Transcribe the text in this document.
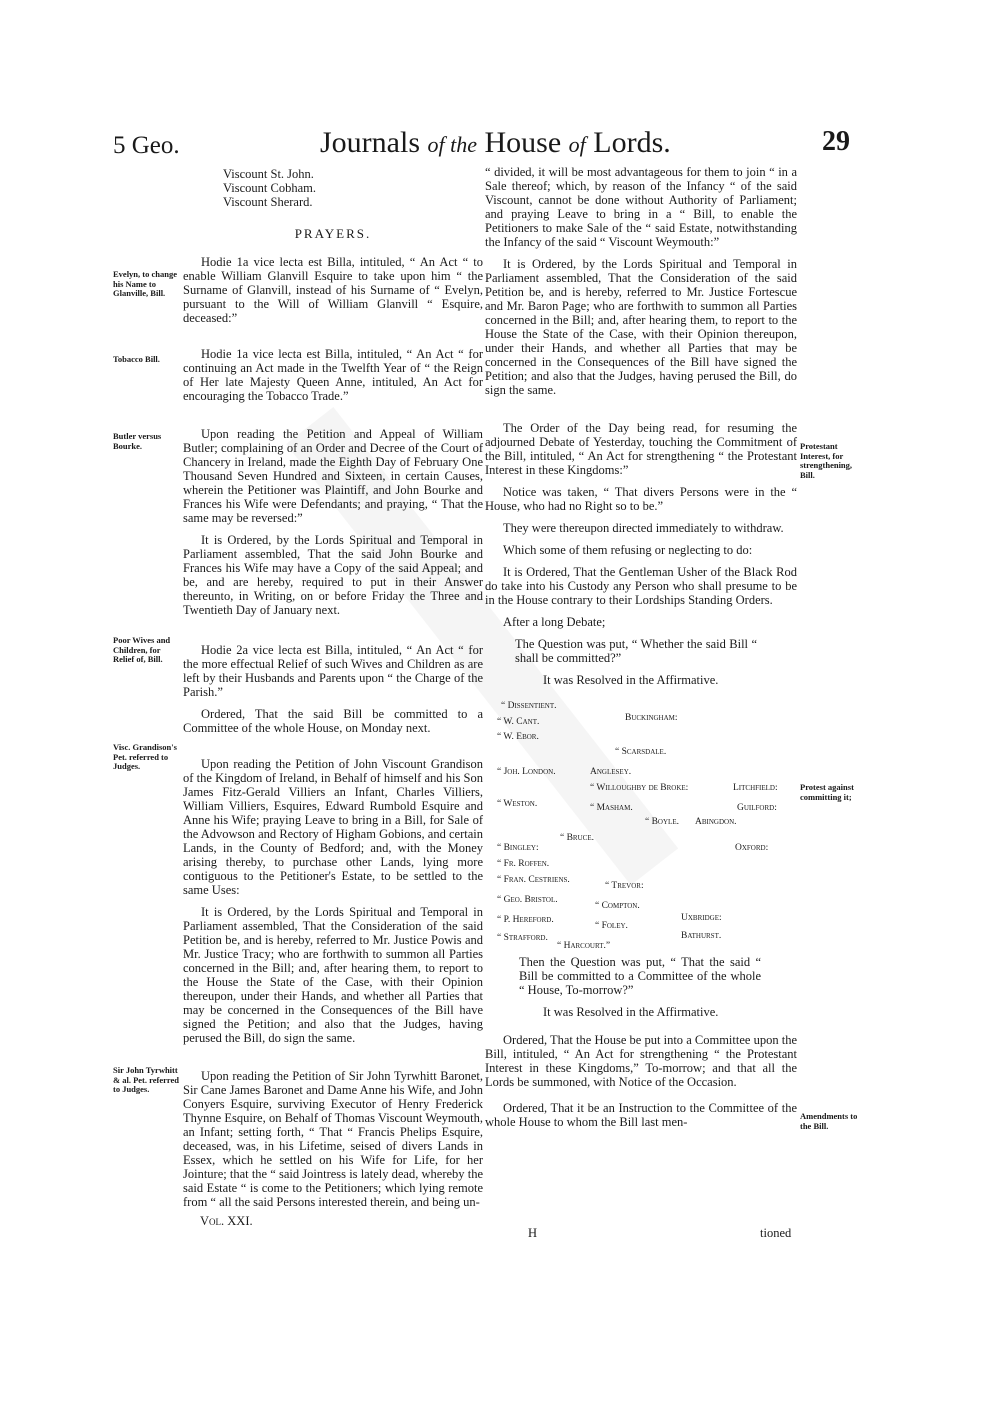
5 Geo.	Journals of the House of Lords.	29
Evelyn, to change his Name to Glanville, Bill.
Tobacco Bill.
Butler versus Bourke.
Poor Wives and Children, for Relief of, Bill.
Visc. Grandison's Pet. referred to Judges.
Sir John Tyrwhitt & al. Pet. referred to Judges.
Protestant Interest, for strengthening, Bill.
Protest against committing it;
Amendments to the Bill.
Viscount St. John.
Viscount Cobham.
Viscount Sherard.
PRAYERS.

Hodie 1a vice lecta est Billa, intituled, “ An Act “ to enable William Glanvill Esquire to take upon him “ the Surname of Glanvill, instead of his Surname of “ Evelyn, pursuant to the Will of William Glanvill “ Esquire, deceased:”

Hodie 1a vice lecta est Billa, intituled, “ An Act “ for continuing an Act made in the Twelfth Year of “ the Reign of Her late Majesty Queen Anne, intituled, An Act for encouraging the Tobacco Trade.”

Upon reading the Petition and Appeal of William Butler; complaining of an Order and Decree of the Court of Chancery in Ireland, made the Eighth Day of February One Thousand Seven Hundred and Sixteen, in certain Causes, wherein the Petitioner was Plaintiff, and John Bourke and Frances his Wife were Defendants; and praying, “ That the same may be reversed:”

It is Ordered, by the Lords Spiritual and Temporal in Parliament assembled, That the said John Bourke and Frances his Wife may have a Copy of the said Appeal; and be, and are hereby, required to put in their Answer thereunto, in Writing, on or before Friday the Three and Twentieth Day of January next.

Hodie 2a vice lecta est Billa, intituled, “ An Act “ for the more effectual Relief of such Wives and Children as are left by their Husbands and Parents upon “ the Charge of the Parish.”

Ordered, That the said Bill be committed to a Committee of the whole House, on Monday next.

Upon reading the Petition of John Viscount Grandison of the Kingdom of Ireland, in Behalf of himself and his Son James Fitz-Gerald Villiers an Infant, Charles Villiers, William Villiers, Esquires, Edward Rumbold Esquire and Anne his Wife; praying Leave to bring in a Bill, for Sale of the Advowson and Rectory of Higham Gobions, and certain Lands, in the County of Bedford; and, with the Money arising thereby, to purchase other Lands, lying more contiguous to the Petitioner's Estate, to be settled to the same Uses:

It is Ordered, by the Lords Spiritual and Temporal in Parliament assembled, That the Consideration of the said Petition be, and is hereby, referred to Mr. Justice Powis and Mr. Justice Tracy; who are forthwith to summon all Parties concerned in the Bill; and, after hearing them, to report to the House the State of the Case, with their Opinion thereupon, under their Hands, and whether all Parties that may be concerned in the Consequences of the Bill have signed the Petition; and also that the Judges, having perused the Bill, do sign the same.

Upon reading the Petition of Sir John Tyrwhitt Baronet, Sir Cane James Baronet and Dame Anne his Wife, and John Conyers Esquire, surviving Executor of Henry Frederick Thynne Esquire, on Behalf of Thomas Viscount Weymouth, an Infant; setting forth, “ That “ Francis Phelips Esquire, deceased, was, in his Lifetime, seised of divers Lands in Essex, which he settled on his Wife for Life, for her Jointure; that the “ said Jointress is lately dead, whereby the said Estate “ is come to the Petitioners; which lying remote from “ all the said Persons interested therein, and being un-

Vol. XXI.
H	tioned

“ divided, it will be most advantageous for them to join “ in a Sale thereof; which, by reason of the Infancy “ of the said Viscount, cannot be done without Authority of Parliament; and praying Leave to bring in a “ Bill, to enable the Petitioners to make Sale of the “ said Estate, notwithstanding the Infancy of the said “ Viscount Weymouth:”

It is Ordered, by the Lords Spiritual and Temporal in Parliament assembled, That the Consideration of the said Petition be, and is hereby, referred to Mr. Justice Fortescue and Mr. Baron Page; who are forthwith to summon all Parties concerned in the Bill; and, after hearing them, to report to the House the State of the Case, with their Opinion thereupon, under their Hands, and whether all Parties that may be concerned in the Consequences of the Bill have signed the Petition; and also that the Judges, having perused the Bill, do sign the same.

The Order of the Day being read, for resuming the adjourned Debate of Yesterday, touching the Commitment of the Bill, intituled, “ An Act for strengthening “ the Protestant Interest in these Kingdoms:”

Notice was taken, “ That divers Persons were in the “ House, who had no Right so to be.”

They were thereupon directed immediately to withdraw.

Which some of them refusing or neglecting to do:

It is Ordered, That the Gentleman Usher of the Black Rod do take into his Custody any Person who shall presume to be in the House contrary to their Lordships Standing Orders.

After a long Debate;

The Question was put, “ Whether the said Bill “ shall be committed?”

It was Resolved in the Affirmative.

“ Dissentient.
“ W. Cant.	Buckingham:
“ W. Ebor.
“ Scarsdale.
“ Joh. London.	Anglesey.
“ Willoughby de Broke:	Litchfield:
“ Weston.	“ Masham.	Guilford:
“ Boyle. Abingdon.
“ Bruce.
“ Bingley:	Oxford:
“ Fr. Roffen.
“ Fran. Cestriens.
“ Trevor:
“ Geo. Bristol.
“ Compton.
Uxbridge:
“ P. Hereford.
“ Foley.
Bathurst.
“ Strafford.
“ Harcourt.”

Then the Question was put, “ That the said “ Bill be committed to a Committee of the whole “ House, To-morrow?”

It was Resolved in the Affirmative.

Ordered, That the House be put into a Committee upon the Bill, intituled, “ An Act for strengthening “ the Protestant Interest in these Kingdoms,” To-morrow; and that all the Lords be summoned, with Notice of the Occasion.

Ordered, That it be an Instruction to the Committee of the whole House to whom the Bill last men-
